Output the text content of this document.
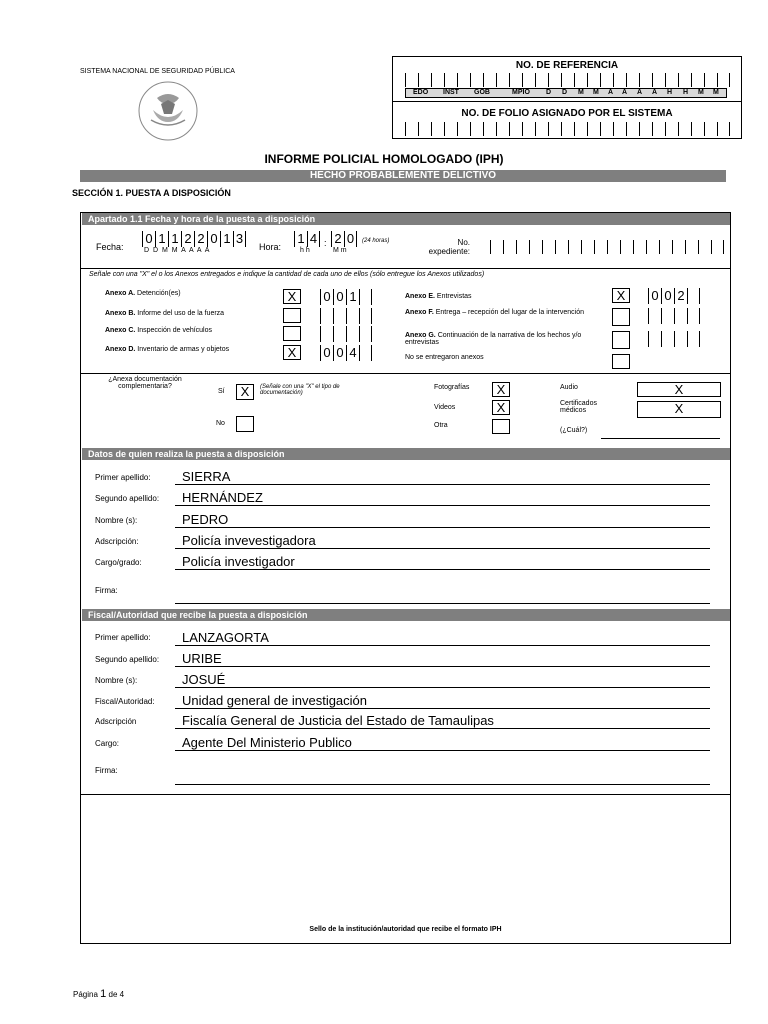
SISTEMA NACIONAL DE SEGURIDAD PÚBLICA
NO. DE REFERENCIA
EDO INST GOB	MPIO D D M M A A A A H H M M
NO. DE FOLIO ASIGNADO POR EL SISTEMA
INFORME POLICIAL HOMOLOGADO (IPH)
HECHO PROBABLEMENTE DELICTIVO
SECCIÓN 1. PUESTA A DISPOSICIÓN
Apartado 1.1 Fecha y hora de la puesta a disposición
Fecha:
0 1 1 2 2 0 1 3
D D M M A A A A	Hora:
1 4 : 2 0
h h	M m
(24 horas)	No. expediente:
Señale con una "X" el o los Anexos entregados e indique la cantidad de cada uno de ellos (sólo entregue los Anexos utilizados)
Anexo A. Detención(es)	X	0 0 1
Anexo B. Informe del uso de la fuerza
Anexo C. Inspección de vehículos
Anexo D. Inventario de armas y objetos	X	0 0 4
Anexo E. Entrevistas	X	0 0 2
Anexo F. Entrega – recepción del lugar de la intervención
Anexo G. Continuación de la narrativa de los hechos y/o entrevistas
No se entregaron anexos
¿Anexa documentación complementaria?
Sí	X	(Señale con una "X" el tipo de documentación)
No
Fotografías	X
Videos	X
Otra
Audio	X
Certificados médicos	X
(¿Cuál?)
Datos de quien realiza la puesta a disposición
Primer apellido: SIERRA
Segundo apellido: HERNÁNDEZ
Nombre (s):	PEDRO
Adscripción:	Policía invevestigadora
Cargo/grado:	Policía investigador
Firma:
Fiscal/Autoridad que recibe la puesta a disposición
Primer apellido: LANZAGORTA
Segundo apellido: URIBE
Nombre (s):	JOSUÉ
Fiscal/Autoridad: Unidad general de investigación
Adscripción	Fiscalía General de Justicia del Estado de Tamaulipas
Cargo:	Agente Del Ministerio Publico
Firma:
Sello de la institución/autoridad que recibe el formato IPH
Página 1 de 4
